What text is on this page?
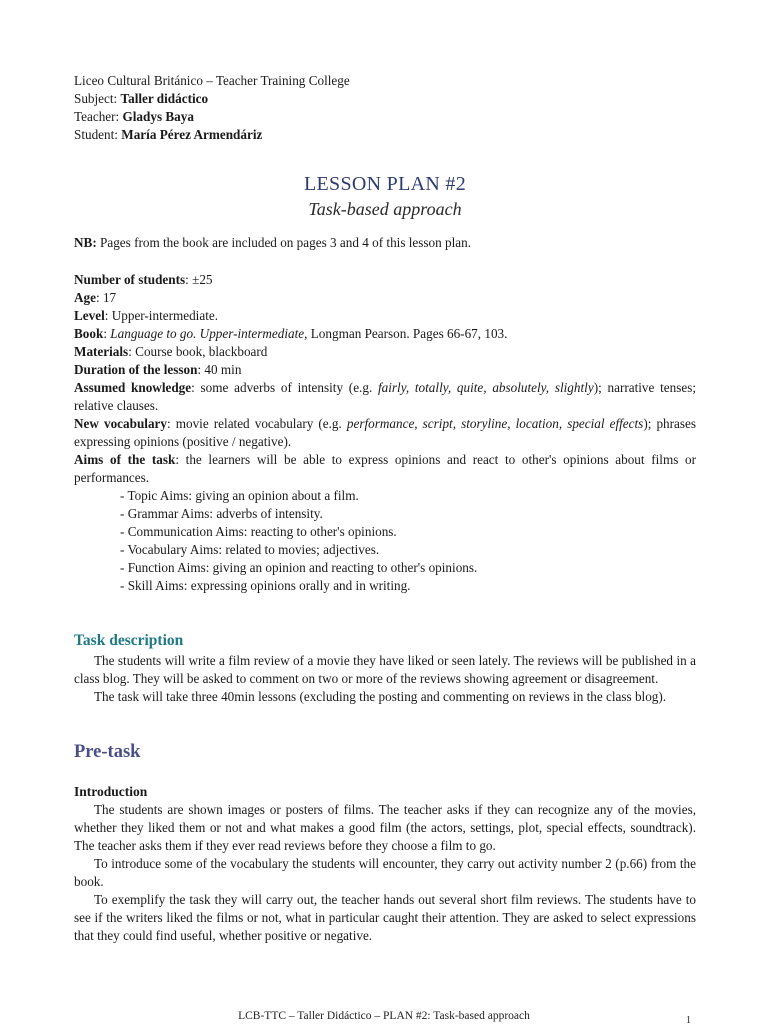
Liceo Cultural Británico – Teacher Training College

Subject: Taller didáctico

Teacher: Gladys Baya

Student: María Pérez Armendáriz

LESSON PLAN #2
Task-based approach

NB: Pages from the book are included on pages 3 and 4 of this lesson plan.

Number of students: ±25

Age: 17

Level: Upper-intermediate.

Book: Language to go. Upper-intermediate, Longman Pearson. Pages 66-67, 103.

Materials: Course book, blackboard

Duration of the lesson: 40 min

Assumed knowledge: some adverbs of intensity (e.g. fairly, totally, quite, absolutely, slightly); narrative tenses; relative clauses.

New vocabulary: movie related vocabulary (e.g. performance, script, storyline, location, special effects); phrases expressing opinions (positive / negative).

Aims of the task: the learners will be able to express opinions and react to other's opinions about films or performances.

- Topic Aims: giving an opinion about a film.
- Grammar Aims: adverbs of intensity.
- Communication Aims: reacting to other's opinions.
- Vocabulary Aims: related to movies; adjectives.
- Function Aims: giving an opinion and reacting to other's opinions.
- Skill Aims: expressing opinions orally and in writing.
Task description

The students will write a film review of a movie they have liked or seen lately. The reviews will be published in a class blog. They will be asked to comment on two or more of the reviews showing agreement or disagreement.

The task will take three 40min lessons (excluding the posting and commenting on reviews in the class blog).

Pre-task
Introduction

The students are shown images or posters of films. The teacher asks if they can recognize any of the movies, whether they liked them or not and what makes a good film (the actors, settings, plot, special effects, soundtrack). The teacher asks them if they ever read reviews before they choose a film to go.

To introduce some of the vocabulary the students will encounter, they carry out activity number 2 (p.66) from the book.

To exemplify the task they will carry out, the teacher hands out several short film reviews. The students have to see if the writers liked the films or not, what in particular caught their attention. They are asked to select expressions that they could find useful, whether positive or negative.

LCB-TTC – Taller Didáctico – PLAN #2: Task-based approach	1
